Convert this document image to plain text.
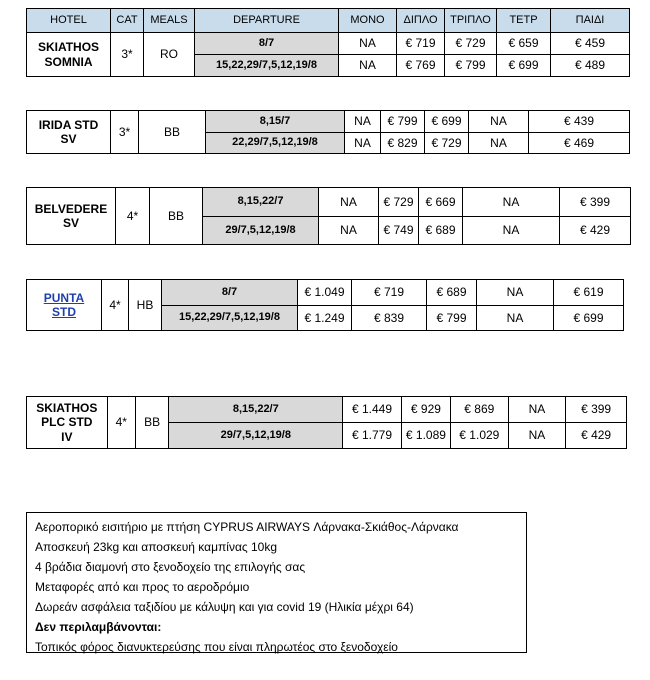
HOTEL	CAT	MEALS	DEPARTURE	ΜΟΝΟ	ΔΙΠΛΟ	ΤΡΙΠΛΟ	ΤΕΤΡ	ΠΑΙΔΙ

SKIATHOS
SOMNIA	3*	RO	8/7	NA	€ 719	€ 729	€ 659	€ 459
			15,22,29/7,5,12,19/8	NA	€ 769	€ 799	€ 699	€ 489
IRIDA STD
SV	3*	BB	8,15/7	NA	€ 799	€ 699	NA	€ 439
			22,29/7,5,12,19/8	NA	€ 829	€ 729	NA	€ 469
BELVEDERE
SV	4*	BB	8,15,22/7	NA	€ 729	€ 669	NA	€ 399
			29/7,5,12,19/8	NA	€ 749	€ 689	NA	€ 429
PUNTA
STD	4*	HB	8/7	€ 1.049	€ 719	€ 689	NA	€ 619
			15,22,29/7,5,12,19/8	€ 1.249	€ 839	€ 799	NA	€ 699
SKIATHOS
PLC STD
IV	4*	BB	8,15,22/7	€ 1.449	€ 929	€ 869	NA	€ 399
			29/7,5,12,19/8	€ 1.779	€ 1.089	€ 1.029	NA	€ 429
Αεροπορικό εισιτήριο με πτήση CYPRUS AIRWAYS Λάρνακα-Σκιάθος-Λάρνακα
Αποσκευή 23kg και αποσκευή καμπίνας 10kg
4 βράδια διαμονή στο ξενοδοχείο της επιλογής σας
Μεταφορές από και προς το αεροδρόμιο
Δωρεάν ασφάλεια ταξιδίου με κάλυψη και για covid 19 (Ηλικία μέχρι 64)
Δεν περιλαμβάνονται:
Τοπικός φόρος διανυκτερεύσης που είναι πληρωτέος στο ξενοδοχείο
